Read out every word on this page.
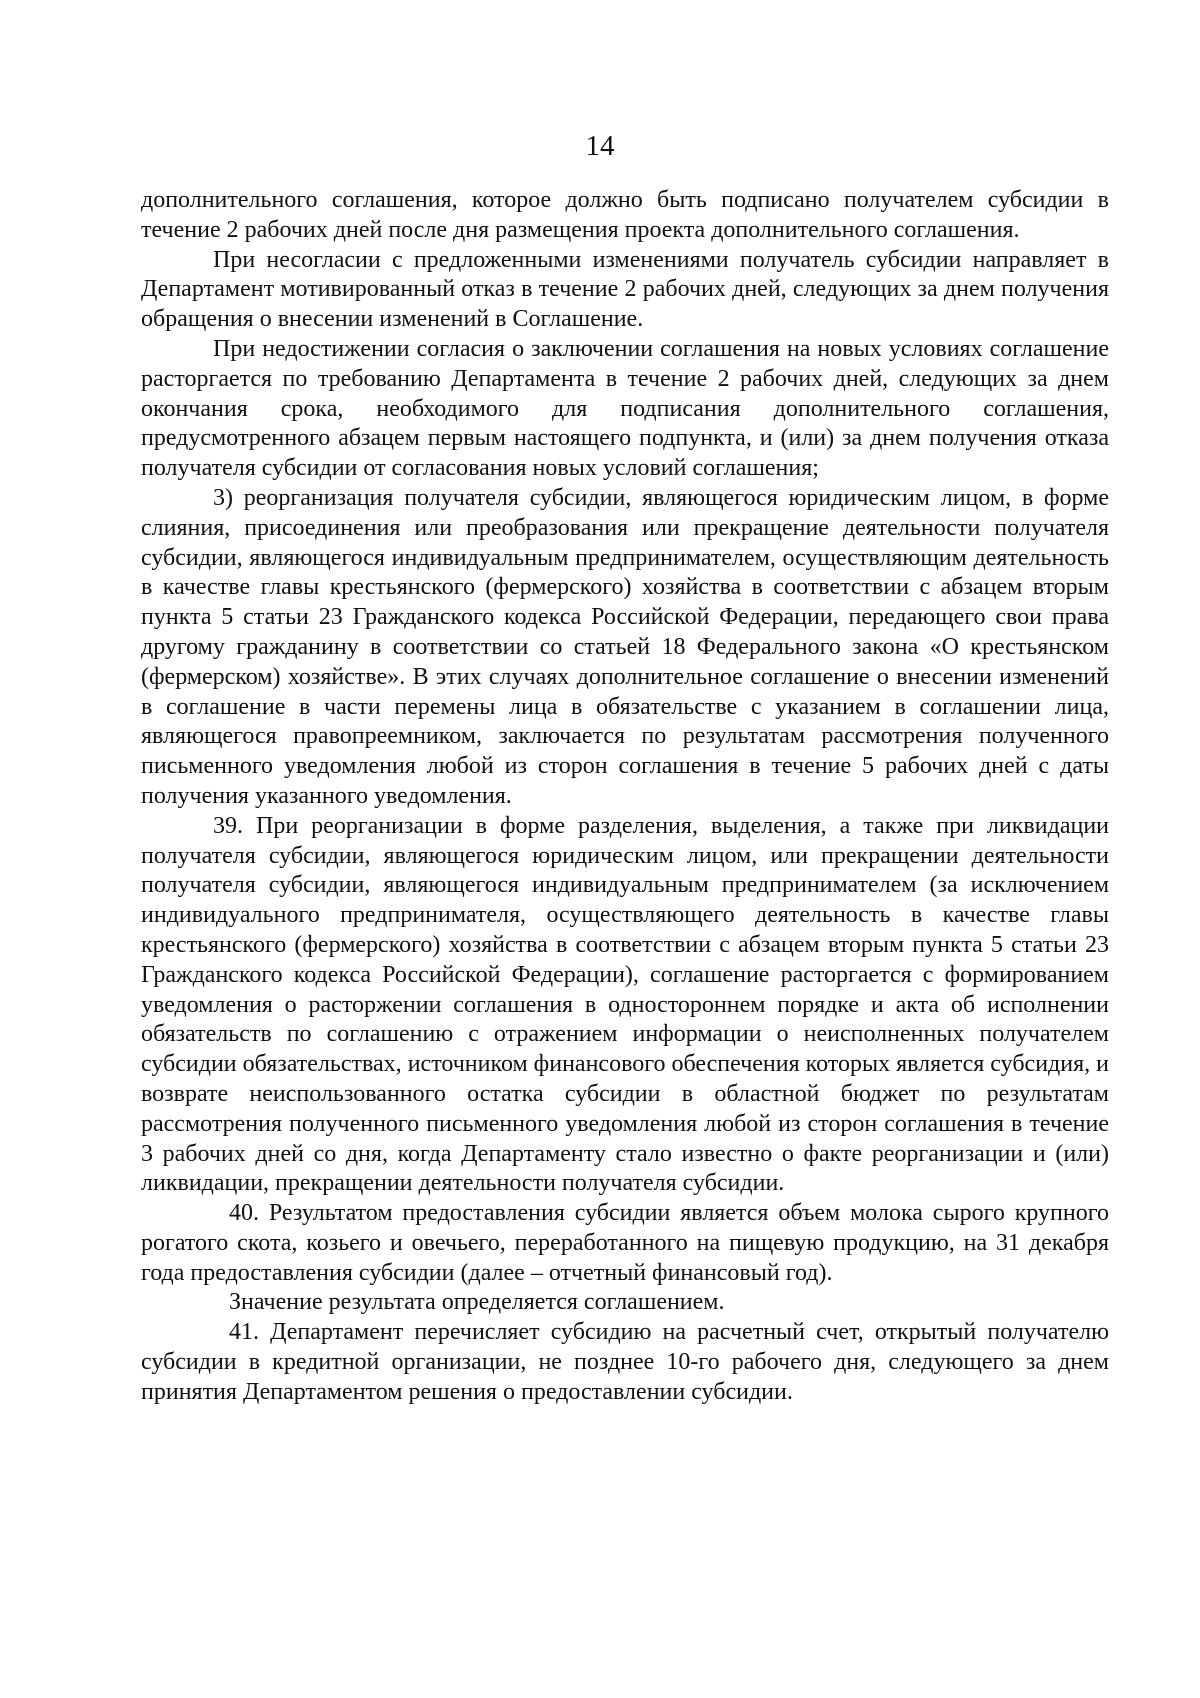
14

дополнительного соглашения, которое должно быть подписано получателем субсидии в течение 2 рабочих дней после дня размещения проекта дополнительного соглашения.

При несогласии с предложенными изменениями получатель субсидии направляет в Департамент мотивированный отказ в течение 2 рабочих дней, следующих за днем получения обращения о внесении изменений в Соглашение.

При недостижении согласия о заключении соглашения на новых условиях соглашение расторгается по требованию Департамента в течение 2 рабочих дней, следующих за днем окончания срока, необходимого для подписания дополнительного соглашения, предусмотренного абзацем первым настоящего подпункта, и (или) за днем получения отказа получателя субсидии от согласования новых условий соглашения;

3) реорганизация получателя субсидии, являющегося юридическим лицом, в форме слияния, присоединения или преобразования или прекращение деятельности получателя субсидии, являющегося индивидуальным предпринимателем, осуществляющим деятельность в качестве главы крестьянского (фермерского) хозяйства в соответствии с абзацем вторым пункта 5 статьи 23 Гражданского кодекса Российской Федерации, передающего свои права другому гражданину в соответствии со статьей 18 Федерального закона «О крестьянском (фермерском) хозяйстве». В этих случаях дополнительное соглашение о внесении изменений в соглашение в части перемены лица в обязательстве с указанием в соглашении лица, являющегося правопреемником, заключается по результатам рассмотрения полученного письменного уведомления любой из сторон соглашения в течение 5 рабочих дней с даты получения указанного уведомления.

39. При реорганизации в форме разделения, выделения, а также при ликвидации получателя субсидии, являющегося юридическим лицом, или прекращении деятельности получателя субсидии, являющегося индивидуальным предпринимателем (за исключением индивидуального предпринимателя, осуществляющего деятельность в качестве главы крестьянского (фермерского) хозяйства в соответствии с абзацем вторым пункта 5 статьи 23 Гражданского кодекса Российской Федерации), соглашение расторгается с формированием уведомления о расторжении соглашения в одностороннем порядке и акта об исполнении обязательств по соглашению с отражением информации о неисполненных получателем субсидии обязательствах, источником финансового обеспечения которых является субсидия, и возврате неиспользованного остатка субсидии в областной бюджет по результатам рассмотрения полученного письменного уведомления любой из сторон соглашения в течение 3 рабочих дней со дня, когда Департаменту стало известно о факте реорганизации и (или) ликвидации, прекращении деятельности получателя субсидии.

40. Результатом предоставления субсидии является объем молока сырого крупного рогатого скота, козьего и овечьего, переработанного на пищевую продукцию, на 31 декабря года предоставления субсидии (далее – отчетный финансовый год).

Значение результата определяется соглашением.

41. Департамент перечисляет субсидию на расчетный счет, открытый получателю субсидии в кредитной организации, не позднее 10-го рабочего дня, следующего за днем принятия Департаментом решения о предоставлении субсидии.
